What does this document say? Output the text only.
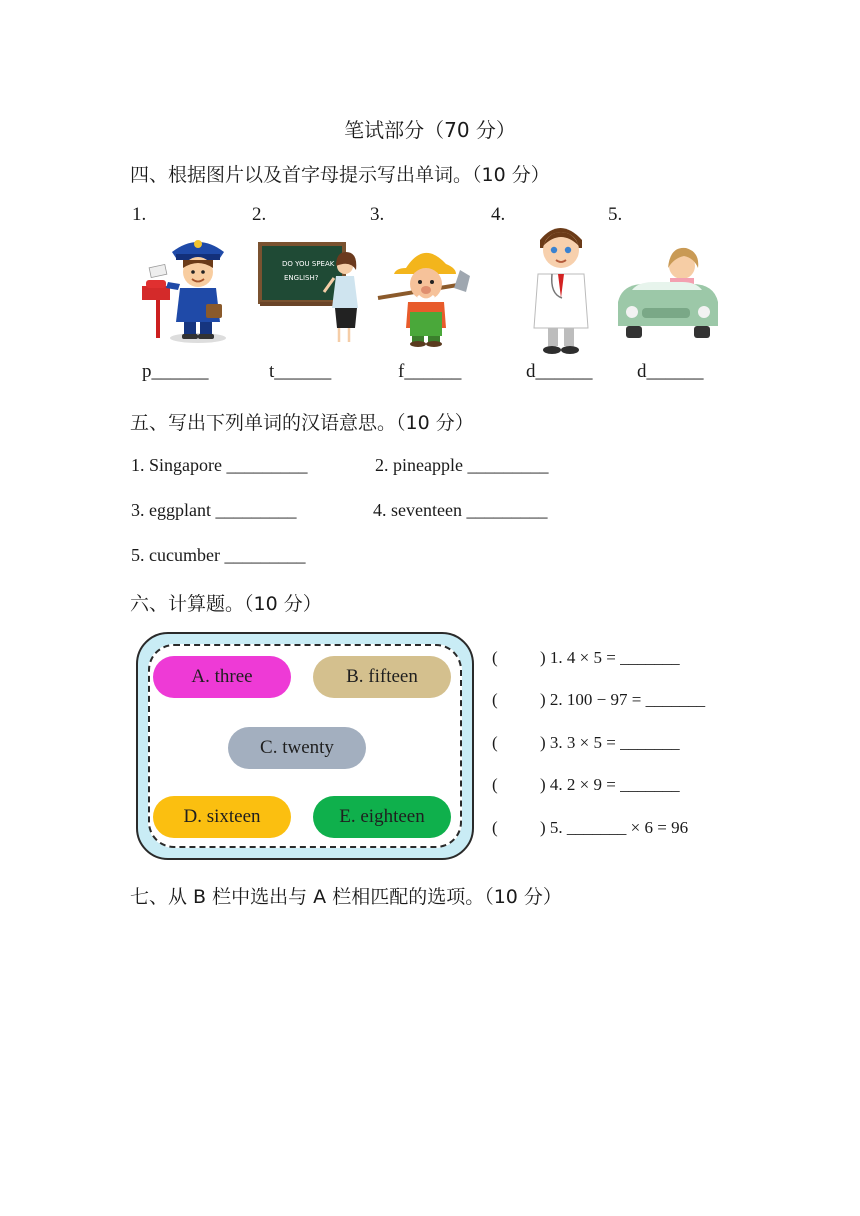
笔试部分（70 分）
四、根据图片以及首字母提示写出单词。（10 分）
1.	2.	3.	4.	5.
DO YOU SPEAK
ENGLISH?
p______	t______	f______	d______ d______
五、写出下列单词的汉语意思。（10 分）
1. Singapore _________	2. pineapple _________
3. eggplant _________	4. seventeen _________
5. cucumber _________
六、计算题。（10 分）
A. three	B. fifteen
C. twenty
D. sixteen	E. eighteen
( ) 1. 4 × 5 = _______
( ) 2. 100 − 97 = _______
( ) 3. 3 × 5 = _______
( ) 4. 2 × 9 = _______
( ) 5. _______ × 6 = 96
七、从 B 栏中选出与 A 栏相匹配的选项。（10 分）
